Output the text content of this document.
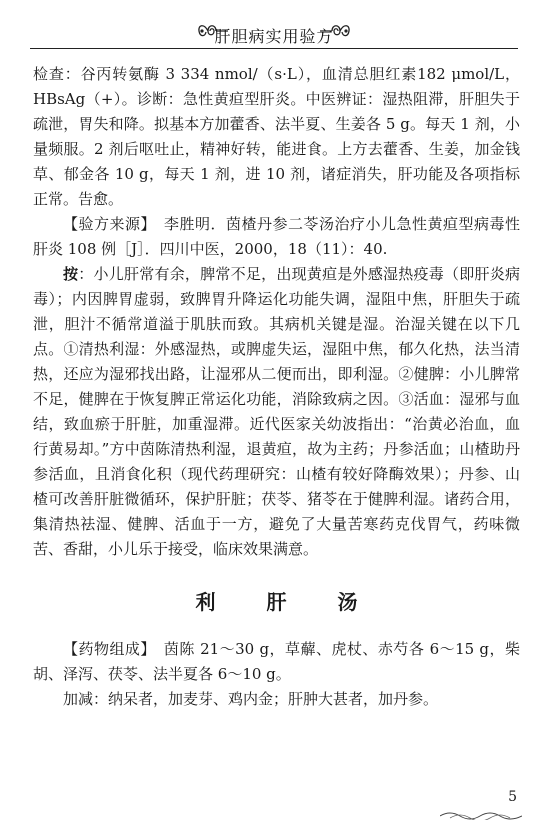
肝胆病实用验方

检查：谷丙转氨酶 3 334 nmol/（s·L），血清总胆红素182 μmol/L，HBsAg（+）。诊断：急性黄疸型肝炎。中医辨证：湿热阻滞，肝胆失于疏泄，胃失和降。拟基本方加藿香、法半夏、生姜各 5 g。每天 1 剂，小量频服。2 剂后呕吐止，精神好转，能进食。上方去藿香、生姜，加金钱草、郁金各 10 g，每天 1 剂，进 10 剂，诸症消失，肝功能及各项指标正常。告愈。

【验方来源】　 李胜明．茵楂丹参二苓汤治疗小儿急性黄疸型病毒性肝炎 108 例［J］．四川中医，2000，18（11）：40.

按：小儿肝常有余，脾常不足，出现黄疸是外感湿热疫毒（即肝炎病毒）；内因脾胃虚弱，致脾胃升降运化功能失调，湿阻中焦，肝胆失于疏泄，胆汁不循常道溢于肌肤而致。其病机关键是湿。治湿关键在以下几点。①清热利湿：外感湿热，或脾虚失运，湿阻中焦，郁久化热，法当清热，还应为湿邪找出路，让湿邪从二便而出，即利湿。②健脾：小儿脾常不足，健脾在于恢复脾正常运化功能，消除致病之因。③活血：湿邪与血结，致血瘀于肝脏，加重湿滞。近代医家关幼波指出：“治黄必治血，血行黄易却。”方中茵陈清热利湿，退黄疸，故为主药；丹参活血；山楂助丹参活血，且消食化积（现代药理研究：山楂有较好降酶效果）；丹参、山楂可改善肝脏微循环，保护肝脏；茯苓、猪苓在于健脾利湿。诸药合用，集清热祛湿、健脾、活血于一方，避免了大量苦寒药克伐胃气，药味微苦、香甜，小儿乐于接受，临床效果满意。

利 肝 汤

【药物组成】　 茵陈 21～30 g，草薢、虎杖、赤芍各 6～15 g，柴胡、泽泻、茯苓、法半夏各 6～10 g。

加减：纳呆者，加麦芽、鸡内金；肝肿大甚者，加丹参。

5
